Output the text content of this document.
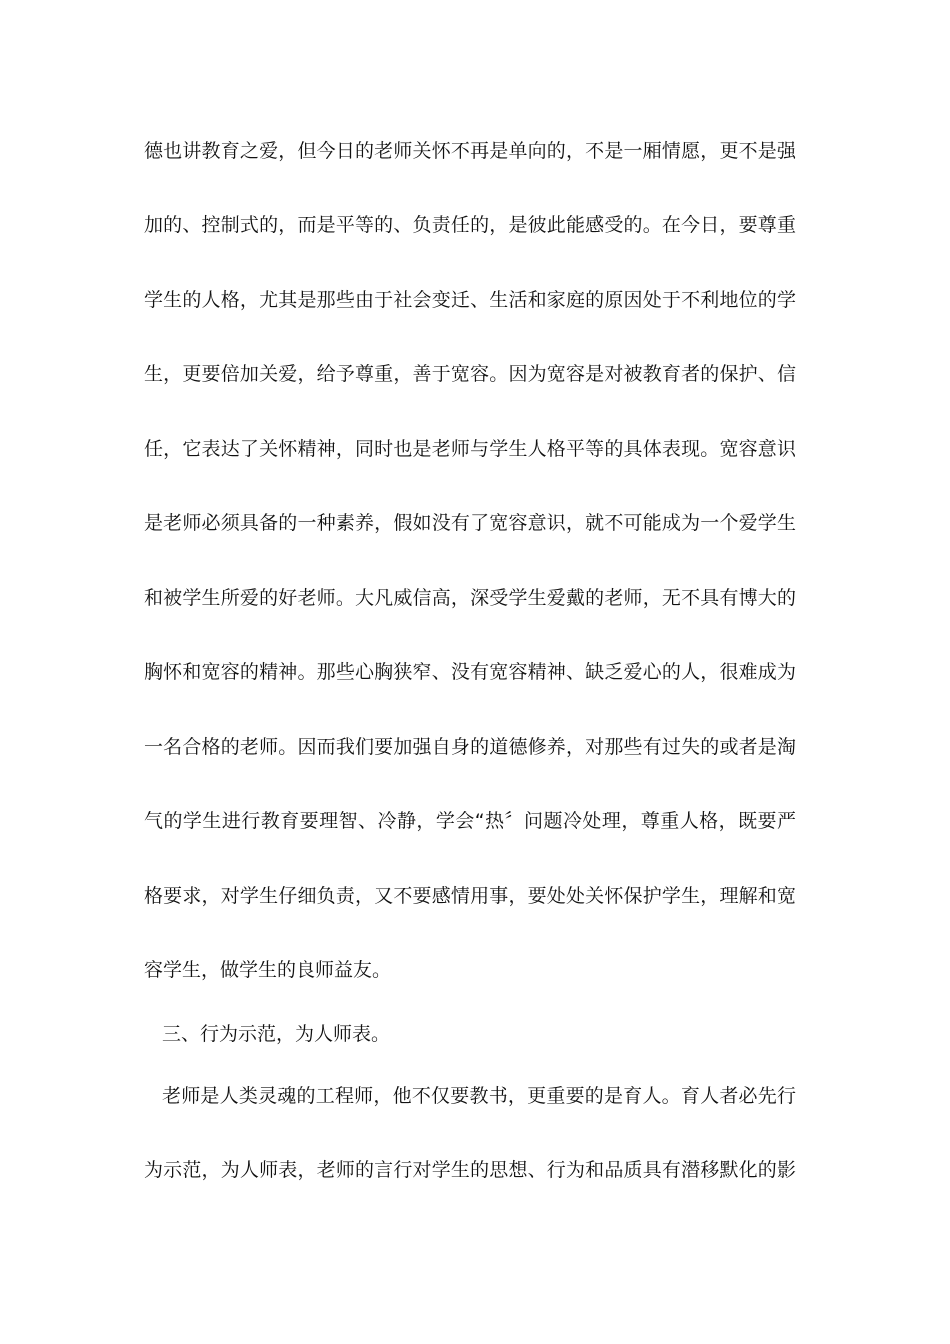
德也讲教育之爱，但今日的老师关怀不再是单向的，不是一厢情愿，更不是强
加的、控制式的，而是平等的、负责任的，是彼此能感受的。在今日，要尊重
学生的人格，尤其是那些由于社会变迁、生活和家庭的原因处于不利地位的学
生，更要倍加关爱，给予尊重，善于宽容。因为宽容是对被教育者的保护、信
任，它表达了关怀精神，同时也是老师与学生人格平等的具体表现。宽容意识
是老师必须具备的一种素养，假如没有了宽容意识，就不可能成为一个爱学生
和被学生所爱的好老师。大凡威信高，深受学生爱戴的老师，无不具有博大的
胸怀和宽容的精神。那些心胸狭窄、没有宽容精神、缺乏爱心的人，很难成为
一名合格的老师。因而我们要加强自身的道德修养，对那些有过失的或者是淘
气的学生进行教育要理智、冷静，学会“热〞问题冷处理，尊重人格，既要严
格要求，对学生仔细负责，又不要感情用事，要处处关怀保护学生，理解和宽
容学生，做学生的良师益友。
三、行为示范，为人师表。
老师是人类灵魂的工程师，他不仅要教书，更重要的是育人。育人者必先行
为示范，为人师表，老师的言行对学生的思想、行为和品质具有潜移默化的影
